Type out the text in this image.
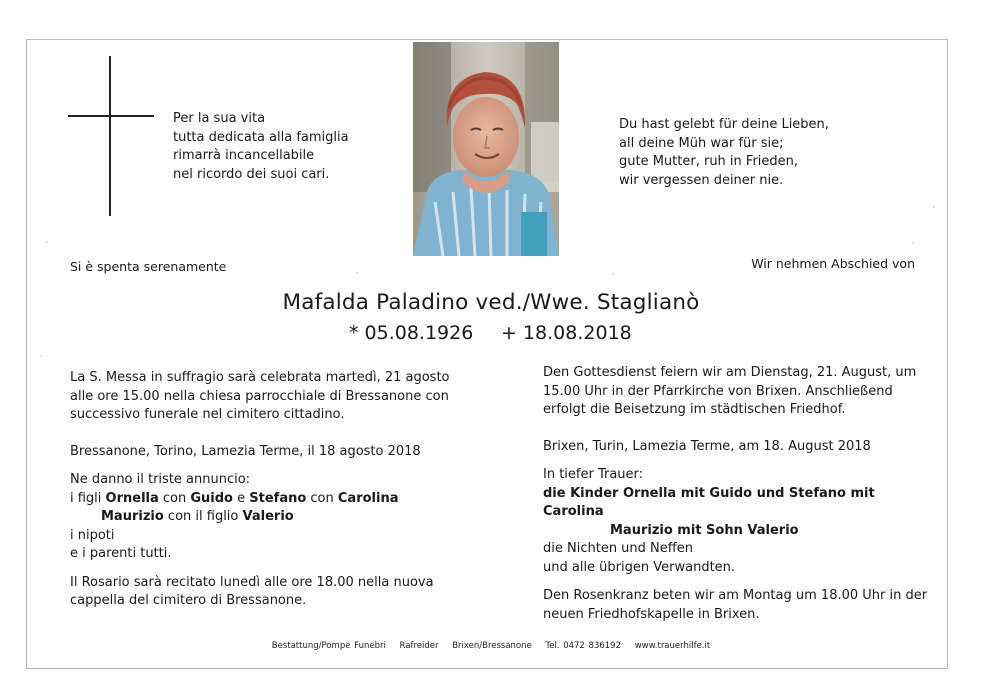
Per la sua vita
tutta dedicata alla famiglia
rimarrà incancellabile
nel ricordo dei suoi cari.
Du hast gelebt für deine Lieben,
all deine Müh war für sie;
gute Mutter, ruh in Frieden,
wir vergessen deiner nie.
Si è spenta serenamente	Wir nehmen Abschied von
Mafalda Paladino ved./Wwe. Staglianò
* 05.08.1926 + 18.08.2018

La S. Messa in suffragio sarà celebrata martedì, 21 agosto alle ore 15.00 nella chiesa parrocchiale di Bressanone con successivo funerale nel cimitero cittadino.

Bressanone, Torino, Lamezia Terme, il 18 agosto 2018

Ne danno il triste annuncio:

i figli Ornella con Guido e Stefano con Carolina

Maurizio con il figlio Valerio

i nipoti

e i parenti tutti.

Il Rosario sarà recitato lunedì alle ore 18.00 nella nuova cappella del cimitero di Bressanone.

Den Gottesdienst feiern wir am Dienstag, 21. August, um 15.00 Uhr in der Pfarrkirche von Brixen. Anschließend erfolgt die Beisetzung im städtischen Friedhof.

Brixen, Turin, Lamezia Terme, am 18. August 2018

In tiefer Trauer:

die Kinder Ornella mit Guido und Stefano mit Carolina

Maurizio mit Sohn Valerio

die Nichten und Neffen

und alle übrigen Verwandten.

Den Rosenkranz beten wir am Montag um 18.00 Uhr in der neuen Friedhofskapelle in Brixen.

Bestattung/Pompe Funebri Rafreider Brixen/Bressanone Tel. 0472 836192 www.trauerhilfe.it
